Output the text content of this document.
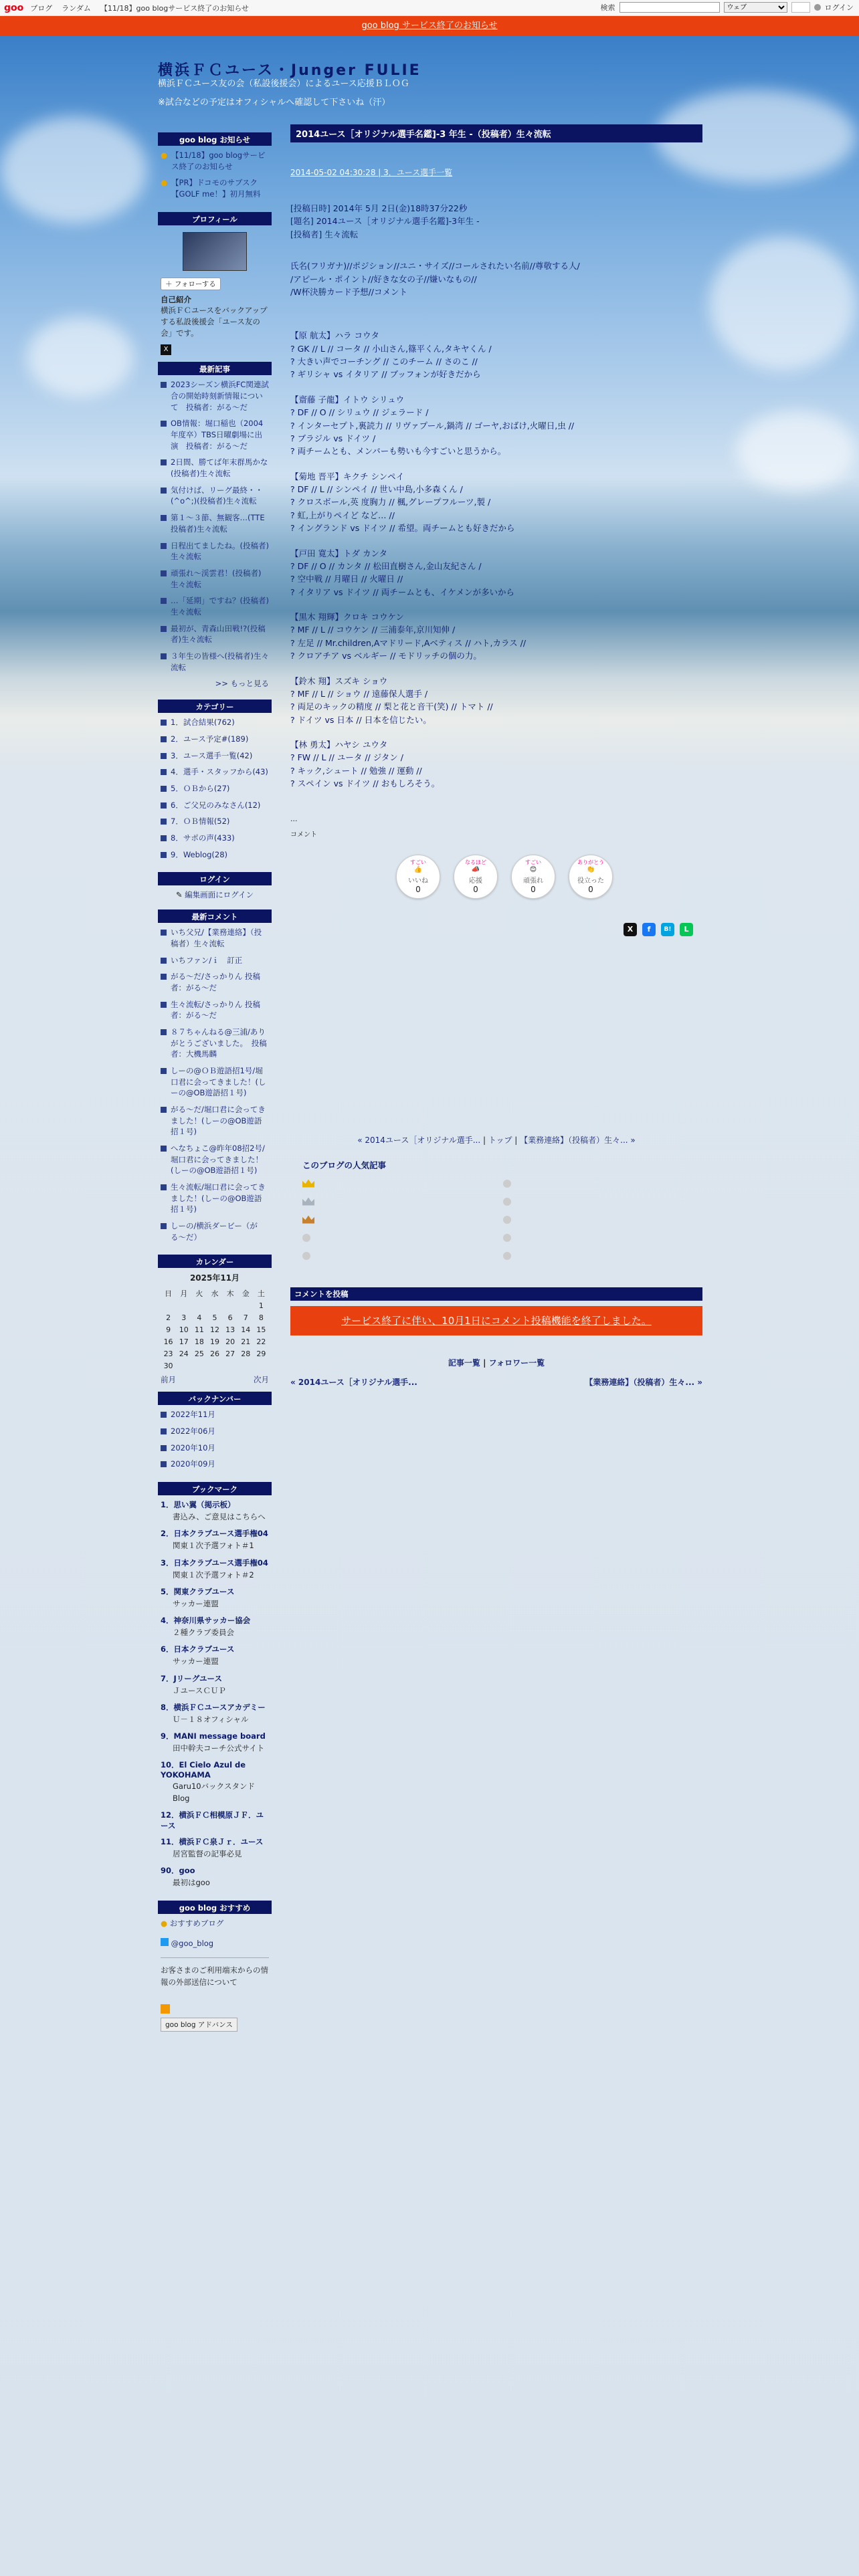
goo ブログ ランダム 【11/18】goo blogサービス終了のお知らせ	検索
ウェブ	ログイン
goo blog サービス終了のお知らせ
横浜ＦＣユース・Junger FULIE
横浜ＦＣユース友の会（私設後援会）によるユース応援ＢＬＯＧ
※試合などの予定はオフィシャルへ確認して下さいね（汗）
goo blog お知らせ
● 【11/18】goo blogサービス終了のお知らせ
● 【PR】ドコモのサブスク【GOLF me！】初月無料
プロフィール
＋ フォローする
自己紹介
横浜ＦＣユースをバックアップする私設後援会「ユース友の会」です。
X
最新記事
2023シーズン横浜FC関連試合の開始時刻新情報について　投稿者：がる〜だ
OB情報：堀口稲也（2004年度卒）TBS日曜劇場に出演　投稿者：がる〜だ
2日間、勝てば年末群馬かな(投稿者)生々流転
気付けば、リーグ最終・・(^o^;)(投稿者)生々流転
第１〜３節、無観客…(TTE投稿者)生々流転
日程出てましたね。(投稿者)生々流転
頑張れ〜渓雲君！(投稿者)生々流転
…「延期」ですね？(投稿者)生々流転
最初が、青森山田戦!?(投稿者)生々流転
３年生の皆様へ(投稿者)生々流転
>> もっと見る
カテゴリー
1．試合結果(762)
2．ユース予定#(189)
3．ユース選手一覧(42)
4．選手・スタッフから(43)
5．ＯＢから(27)
6．ご父兄のみなさん(12)
7．ＯＢ情報(52)
8．サポの声(433)
9．Weblog(28)
ログイン
✎ 編集画面にログイン
最新コメント
いち父兄/【業務連絡】（投稿者）生々流転
いちファン/ｉ　訂正
がる〜だ/さっかりん 投稿者：がる〜だ
生々流転/さっかりん 投稿者：がる〜だ
８７ちゃんねる@三浦/ありがとうございました。　投稿者：大機馬麟
しーの@ＯＢ遊語招1号/堀口君に会ってきました！(しーの@OB遊語招１号)
がる〜だ/堀口君に会ってきました！(しーの@OB遊語招１号)
へなちょこ@昨年08招2号/堀口君に会ってきました！(しーの@OB遊語招１号)
生々流転/堀口君に会ってきました！(しーの@OB遊語招１号)
しーの/横浜ダービー（がる〜だ）
カレンダー
2025年11月
日	月	火	水	木	金	土
						1
2	3	4	5	6	7	8
9	10	11	12	13	14	15
16	17	18	19	20	21	22
23	24	25	26	27	28	29
30						
前月	次月
バックナンバー
2022年11月
2022年06月
2020年10月
2020年09月
ブックマーク
1．思い翼（掲示板）
書込み、ご意見はこちらへ
2．日本クラブユース選手権04
関東１次予選フォト＃1
3．日本クラブユース選手権04
関東１次予選フォト＃2
5．関東クラブユース
サッカー連盟
4．神奈川県サッカー協会
２種クラブ委員会
6．日本クラブユース
サッカー連盟
7．Jリーグユース
ＪユースＣＵＰ
8．横浜ＦＣユースアカデミー
Ｕ－１８オフィシャル
9．MANI message board
田中幹夫コーチ公式サイト
10．El Cielo Azul de YOKOHAMA
Garu10バックスタンドBlog
12．横浜ＦＣ相模原ＪＦ．ユース
11．横浜ＦＣ泉Ｊｒ．ユース
居宮監督の記事必見
90．goo
最初はgoo
goo blog おすすめ
● おすすめブログ
@goo_blog
お客さまのご利用端末からの情報の外部送信について
goo blog アドバンス
2014ユース［オリジナル選手名鑑]-3 年生 -（投稿者）生々流転
2014-05-02 04:30:28 | 3．ユース選手一覧
[投稿日時] 2014年 5月 2日(金)18時37分22秒
[題名] 2014ユース［オリジナル選手名鑑]-3年生 -
[投稿者] 生々流転
氏名(フリガナ)//ポジション//ユニ・サイズ//コールされたい名前//尊敬する人/
/アピール・ポイント//好きな女の子//嫌いなもの//
/W杯決勝カード予想//コメント
【原 航太】ハラ コウタ
? GK // L // コータ // 小山さん,篠平くん,タキヤくん /
? 大きい声でコーチング // このチーム // さのこ //
? ギリシャ vs イタリア // ブッフォンが好きだから
【齋藤 子龍】イトウ シリュウ
? DF // O // シリュウ // ジェラード /
? インターセプト,裏読力 // リヴァプール,鍋湾 // ゴーヤ,おばけ,火曜日,虫 //
? ブラジル vs ドイツ /
? 両チームとも、メンバーも勢いも今すごいと思うから。
【菊地 晋平】キクチ シンペイ
? DF // L // シンペイ // 世い中島,小多森くん /
? クロスボール,英 度胸力 // 楓,グレープフルーツ,製 /
? 虹,上がりペイど など… //
? イングランド vs ドイツ // 希望。両チームとも好きだから
【戸田 寛太】トダ カンタ
? DF // O // カンタ // 松田直樹さん,金山友紀さん /
? 空中戦 // 月曜日 // 火曜日 //
? イタリア vs ドイツ // 両チームとも、イケメンが多いから
【黒木 翔輝】クロキ コウケン
? MF // L // コウケン // 三浦泰年,京川知伸 /
? 左足 // Mr.children,Aマドリード,Aベティス // ハト,カラス //
? クロアチア vs ベルギー // モドリッチの個の力。
【鈴木 翔】スズキ ショウ
? MF // L // ショウ // 遠藤保人選手 /
? 両足のキックの精度 // 梨と花と音干(笑) // トマト //
? ドイツ vs 日本 // 日本を信じたい。
【林 勇太】ハヤシ ユウタ
? FW // L // ユータ // ジタン /
? キック,シュート // 勉強 // 運動 //
? スペイン vs ドイツ // おもしろそう。
...
コメント
すごい
👍
いいね
0
なるほど
📣
応援
0
すごい
😊
頑張れ
0
ありがとう
👏
役立った
0
X	f	B!	L
« 2014ユース［オリジナル選手... | トップ | 【業務連絡】（投稿者）生々... »
このブログの人気記事
コメントを投稿
サービス終了に伴い、10月1日にコメント投稿機能を終了しました。
記事一覧 | フォロワー一覧
« 2014ユース［オリジナル選手...	【業務連絡】（投稿者）生々... »
